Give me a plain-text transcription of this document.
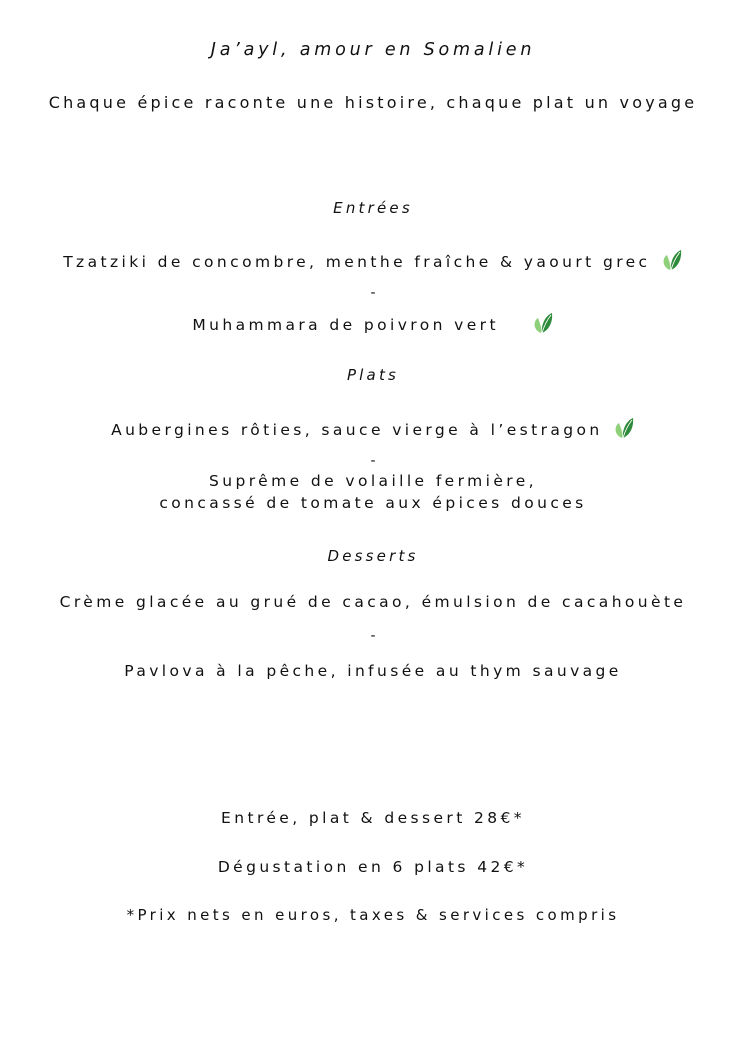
Ja’ayl, amour en Somalien
Chaque épice raconte une histoire, chaque plat un voyage
Entrées
Tzatziki de concombre, menthe fraîche & yaourt grec
-
Muhammara de poivron vert
Plats
Aubergines rôties, sauce vierge à l’estragon
-
Suprême de volaille fermière,
concassé de tomate aux épices douces
Desserts
Crème glacée au grué de cacao, émulsion de cacahouète
-
Pavlova à la pêche, infusée au thym sauvage
Entrée, plat & dessert 28€*
Dégustation en 6 plats 42€*
*Prix nets en euros, taxes & services compris
